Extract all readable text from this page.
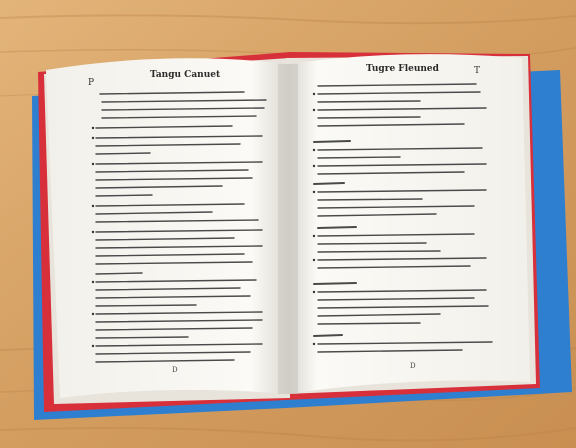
Tangu Canuet
P
D
Tugre Fleuned	T
D
